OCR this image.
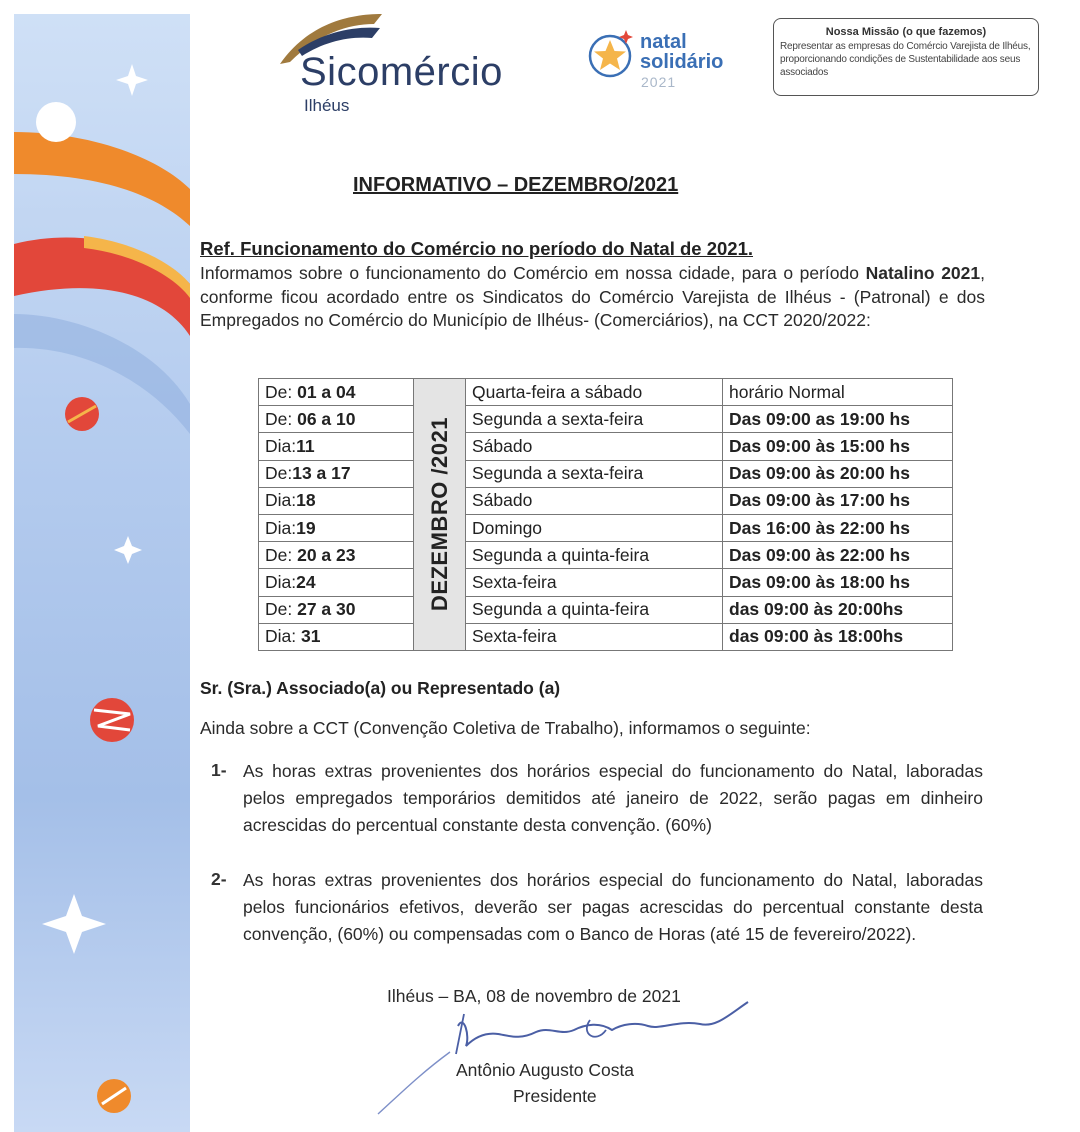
Sicomércio
Ilhéus
natal
solidário
2021
Nossa Missão (o que fazemos)
Representar as empresas do Comércio Varejista de Ilhéus, proporcionando condições de Sustentabilidade aos seus associados
INFORMATIVO – DEZEMBRO/2021
Ref. Funcionamento do Comércio no período do Natal de 2021.
Informamos sobre o funcionamento do Comércio em nossa cidade, para o período Natalino 2021, conforme ficou acordado entre os Sindicatos do Comércio Varejista de Ilhéus - (Patronal) e dos Empregados no Comércio do Município de Ilhéus- (Comerciários), na CCT 2020/2022:
De: 01 a 04	DEZEMBRO /2021	Quarta-feira a sábado	horário Normal
De: 06 a 10		Segunda a sexta-feira	Das 09:00 as 19:00 hs
Dia:11		Sábado	Das 09:00 às 15:00 hs
De:13 a 17		Segunda a sexta-feira	Das 09:00 às 20:00 hs
Dia:18		Sábado	Das 09:00 às 17:00 hs
Dia:19		Domingo	Das 16:00 às 22:00 hs
De: 20 a 23		Segunda a quinta-feira	Das 09:00 às 22:00 hs
Dia:24		Sexta-feira	Das 09:00 às 18:00 hs
De: 27 a 30		Segunda a quinta-feira	das 09:00 às 20:00hs
Dia: 31		Sexta-feira	das 09:00 às 18:00hs
Sr. (Sra.) Associado(a) ou Representado (a)
Ainda sobre a CCT (Convenção Coletiva de Trabalho), informamos o seguinte:
1- As horas extras provenientes dos horários especial do funcionamento do Natal, laboradas pelos empregados temporários demitidos até janeiro de 2022, serão pagas em dinheiro acrescidas do percentual constante desta convenção. (60%)
2- As horas extras provenientes dos horários especial do funcionamento do Natal, laboradas pelos funcionários efetivos, deverão ser pagas acrescidas do percentual constante desta convenção, (60%) ou compensadas com o Banco de Horas (até 15 de fevereiro/2022).
Ilhéus – BA, 08 de novembro de 2021
Antônio Augusto Costa
Presidente
